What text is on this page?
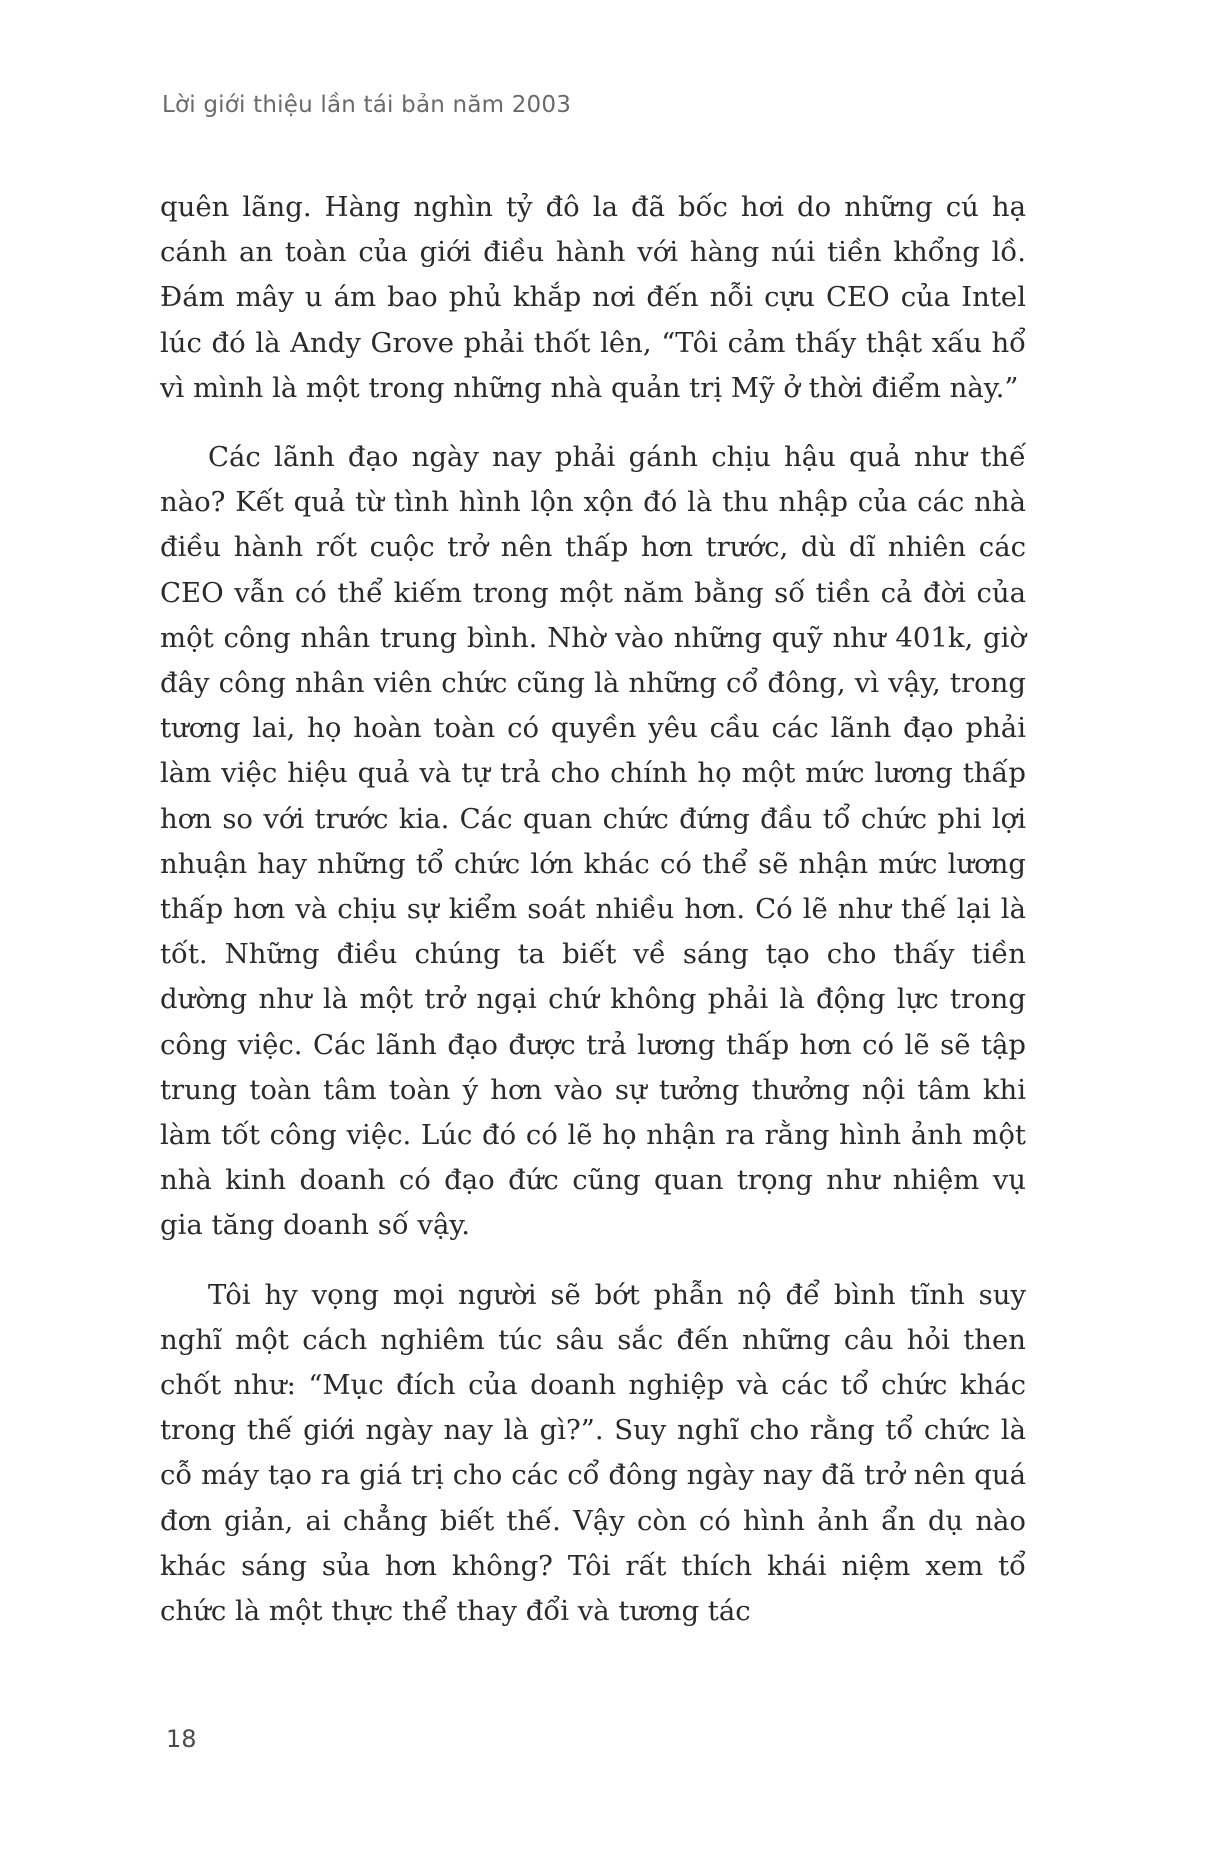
Lời giới thiệu lần tái bản năm 2003

quên lãng. Hàng nghìn tỷ đô la đã bốc hơi do những cú hạ cánh an toàn của giới điều hành với hàng núi tiền khổng lồ. Đám mây u ám bao phủ khắp nơi đến nỗi cựu CEO của Intel lúc đó là Andy Grove phải thốt lên, “Tôi cảm thấy thật xấu hổ vì mình là một trong những nhà quản trị Mỹ ở thời điểm này.”

Các lãnh đạo ngày nay phải gánh chịu hậu quả như thế nào? Kết quả từ tình hình lộn xộn đó là thu nhập của các nhà điều hành rốt cuộc trở nên thấp hơn trước, dù dĩ nhiên các CEO vẫn có thể kiếm trong một năm bằng số tiền cả đời của một công nhân trung bình. Nhờ vào những quỹ như 401k, giờ đây công nhân viên chức cũng là những cổ đông, vì vậy, trong tương lai, họ hoàn toàn có quyền yêu cầu các lãnh đạo phải làm việc hiệu quả và tự trả cho chính họ một mức lương thấp hơn so với trước kia. Các quan chức đứng đầu tổ chức phi lợi nhuận hay những tổ chức lớn khác có thể sẽ nhận mức lương thấp hơn và chịu sự kiểm soát nhiều hơn. Có lẽ như thế lại là tốt. Những điều chúng ta biết về sáng tạo cho thấy tiền dường như là một trở ngại chứ không phải là động lực trong công việc. Các lãnh đạo được trả lương thấp hơn có lẽ sẽ tập trung toàn tâm toàn ý hơn vào sự tưởng thưởng nội tâm khi làm tốt công việc. Lúc đó có lẽ họ nhận ra rằng hình ảnh một nhà kinh doanh có đạo đức cũng quan trọng như nhiệm vụ gia tăng doanh số vậy.

Tôi hy vọng mọi người sẽ bớt phẫn nộ để bình tĩnh suy nghĩ một cách nghiêm túc sâu sắc đến những câu hỏi then chốt như: “Mục đích của doanh nghiệp và các tổ chức khác trong thế giới ngày nay là gì?”. Suy nghĩ cho rằng tổ chức là cỗ máy tạo ra giá trị cho các cổ đông ngày nay đã trở nên quá đơn giản, ai chẳng biết thế. Vậy còn có hình ảnh ẩn dụ nào khác sáng sủa hơn không? Tôi rất thích khái niệm xem tổ chức là một thực thể thay đổi và tương tác

18
